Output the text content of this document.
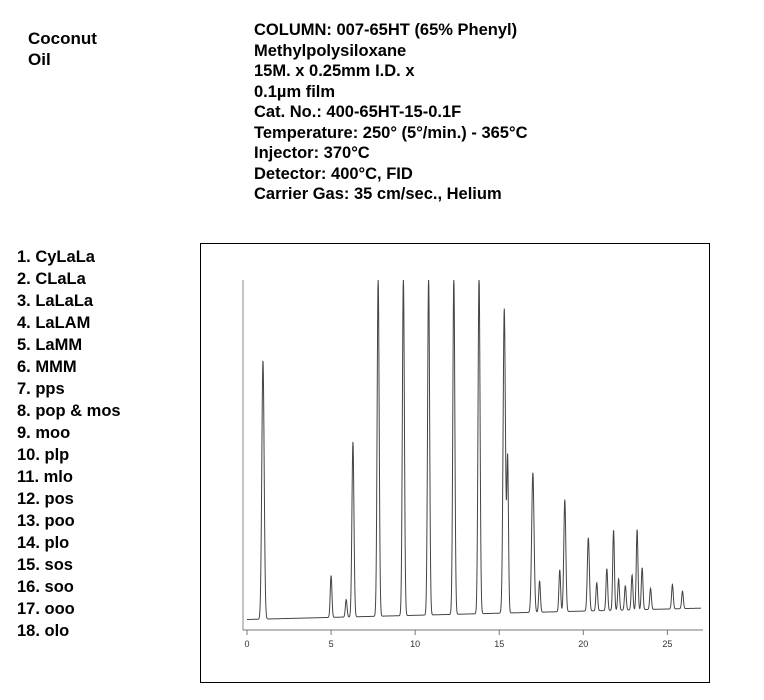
Coconut
Oil
COLUMN: 007-65HT (65% Phenyl)
Methylpolysiloxane
15M. x 0.25mm I.D. x
0.1µm film
Cat. No.: 400-65HT-15-0.1F
Temperature: 250° (5°/min.) - 365°C
Injector: 370°C
Detector: 400°C, FID
Carrier Gas: 35 cm/sec., Helium
1. CyLaLa
2. CLaLa
3. LaLaLa
4. LaLAM
5. LaMM
6. MMM
7. pps
8. pop & mos
9. moo
10. plp
11. mlo
12. pos
13. poo
14. plo
15. sos
16. soo
17. ooo
18. olo
0	5	10	15	20	25
